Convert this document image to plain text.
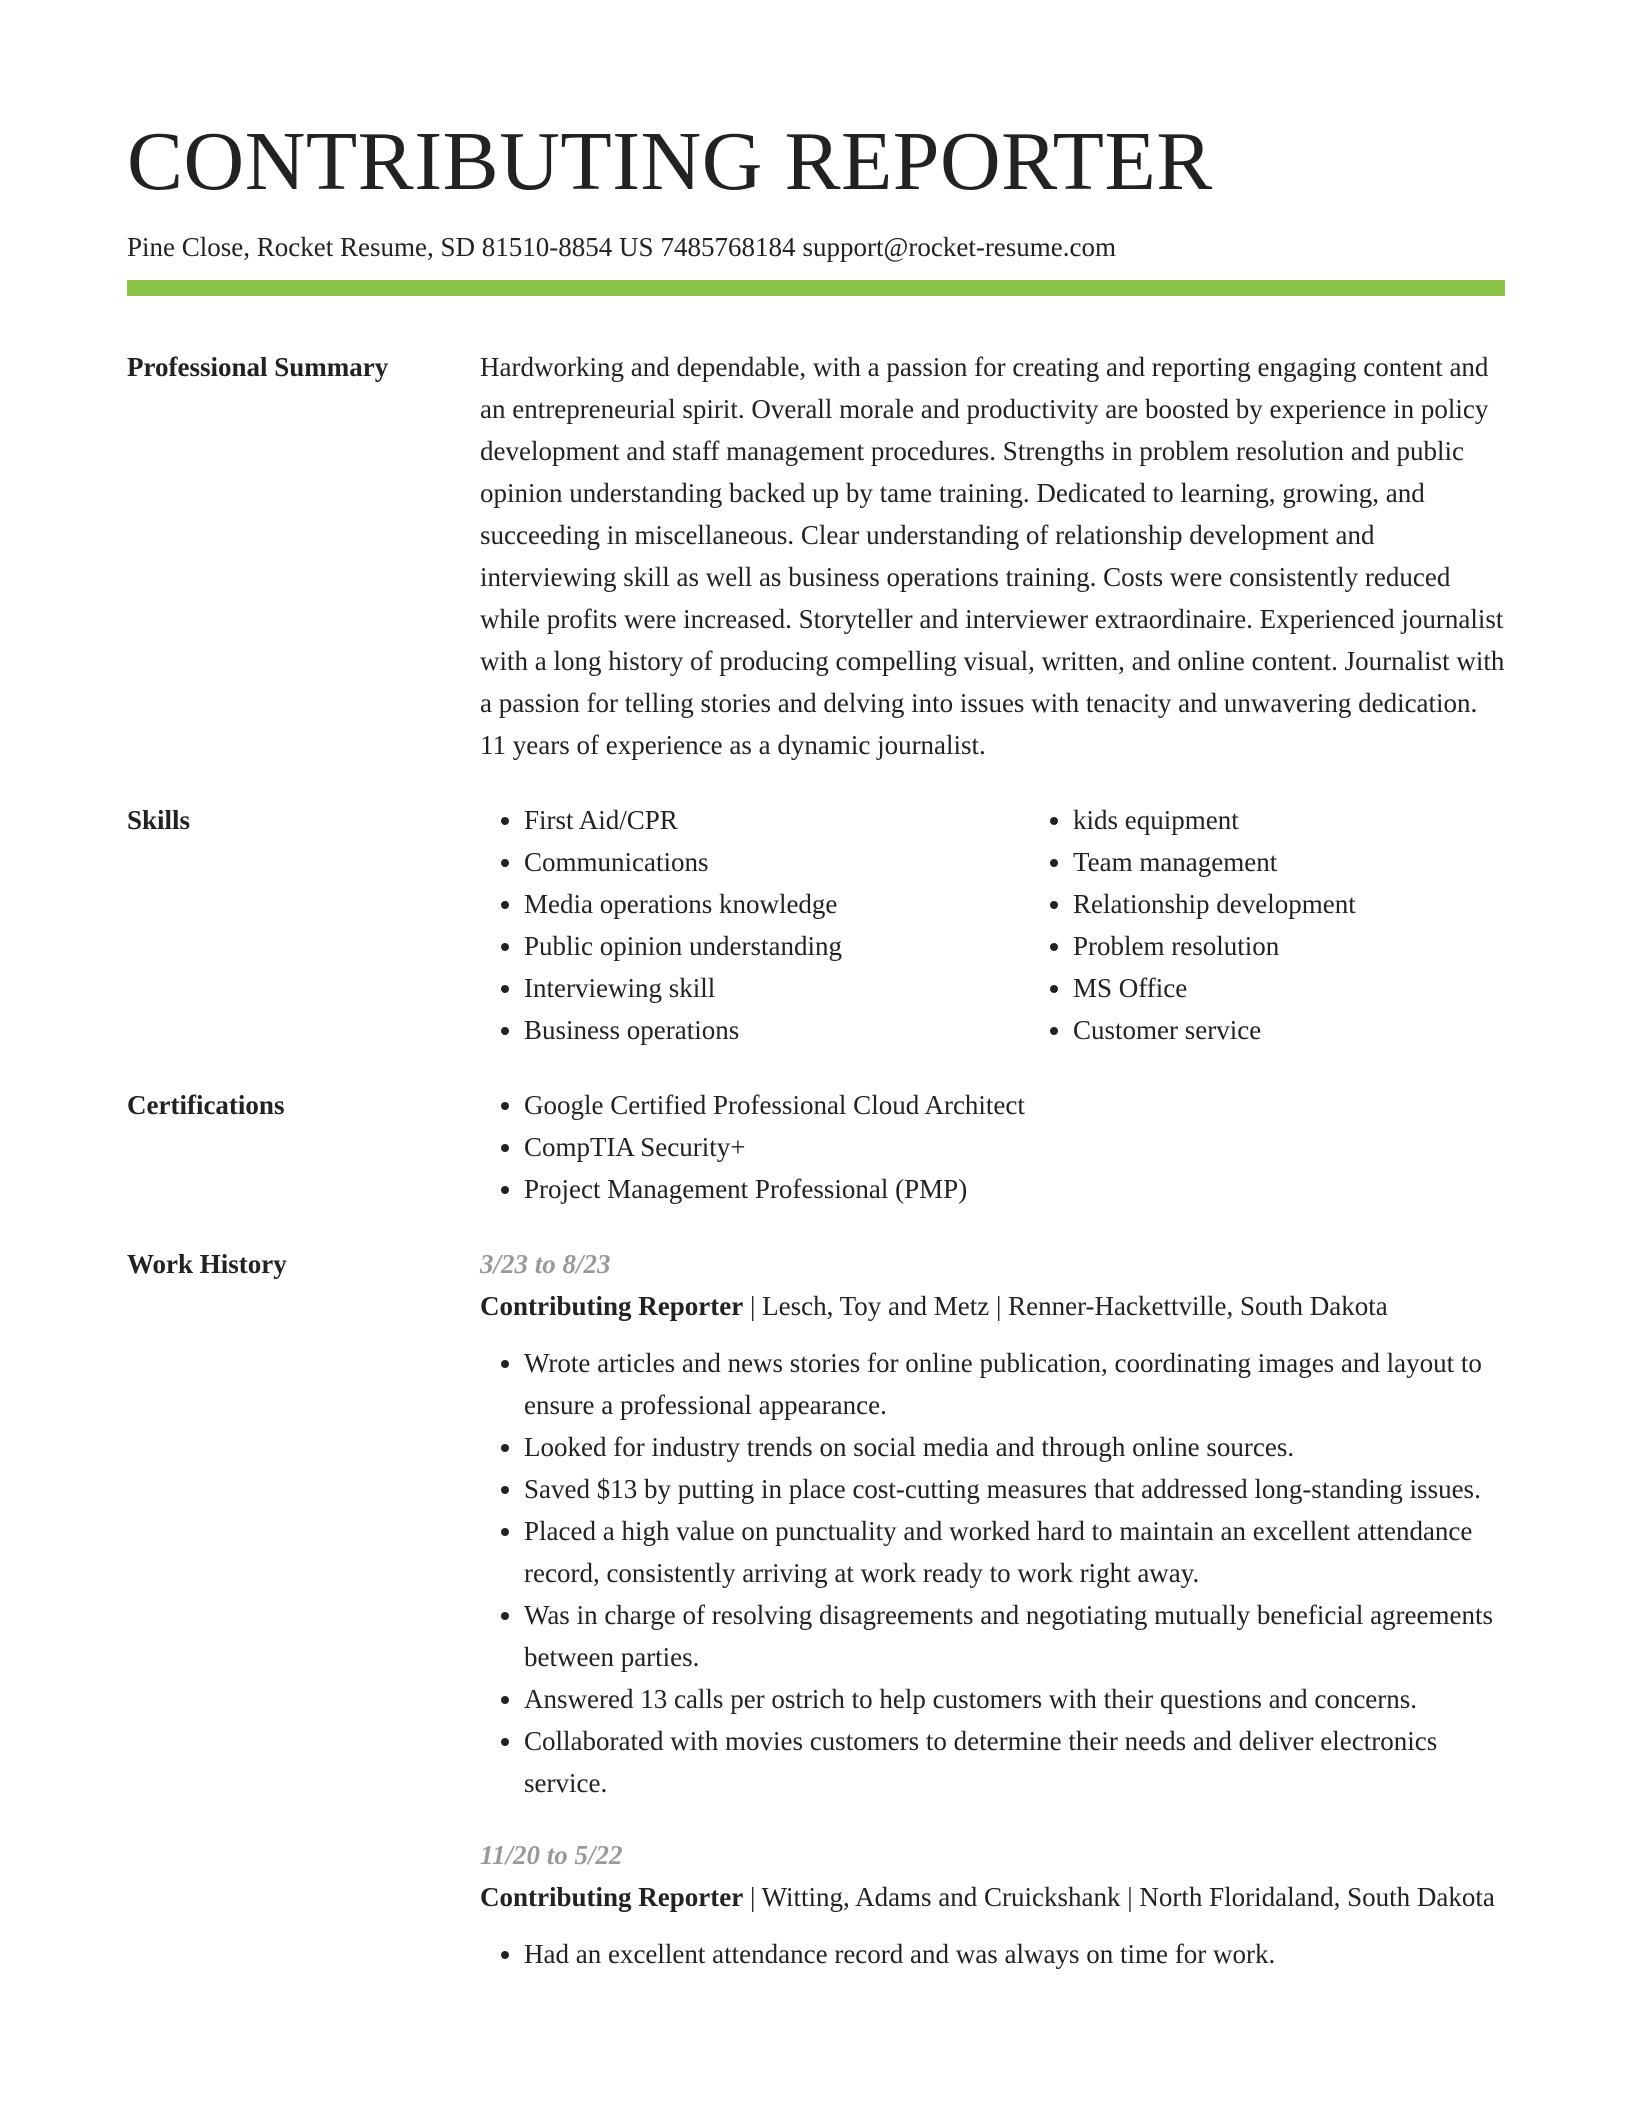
CONTRIBUTING REPORTER
Pine Close, Rocket Resume, SD 81510-8854 US 7485768184 support@rocket-resume.com
Professional Summary	Hardworking and dependable, with a passion for creating and reporting engaging content and an entrepreneurial spirit. Overall morale and productivity are boosted by experience in policy development and staff management procedures. Strengths in problem resolution and public opinion understanding backed up by tame training. Dedicated to learning, growing, and succeeding in miscellaneous. Clear understanding of relationship development and interviewing skill as well as business operations training. Costs were consistently reduced while profits were increased. Storyteller and interviewer extraordinaire. Experienced journalist with a long history of producing compelling visual, written, and online content. Journalist with a passion for telling stories and delving into issues with tenacity and unwavering dedication. 11 years of experience as a dynamic journalist.

Skills	• First Aid/CPR
• Communications
• Media operations knowledge
• Public opinion understanding
• Interviewing skill
• Business operations
• kids equipment
• Team management
• Relationship development
• Problem resolution
• MS Office
• Customer service
Certifications	• Google Certified Professional Cloud Architect
• CompTIA Security+
• Project Management Professional (PMP)
Work History	3/23 to 8/23
Contributing Reporter | Lesch, Toy and Metz | Renner-Hackettville, South Dakota
• Wrote articles and news stories for online publication, coordinating images and layout to ensure a professional appearance.
• Looked for industry trends on social media and through online sources.
• Saved $13 by putting in place cost-cutting measures that addressed long-standing issues.
• Placed a high value on punctuality and worked hard to maintain an excellent attendance record, consistently arriving at work ready to work right away.
• Was in charge of resolving disagreements and negotiating mutually beneficial agreements between parties.
• Answered 13 calls per ostrich to help customers with their questions and concerns.
• Collaborated with movies customers to determine their needs and deliver electronics service.
11/20 to 5/22
Contributing Reporter | Witting, Adams and Cruickshank | North Floridaland, South Dakota
• Had an excellent attendance record and was always on time for work.
